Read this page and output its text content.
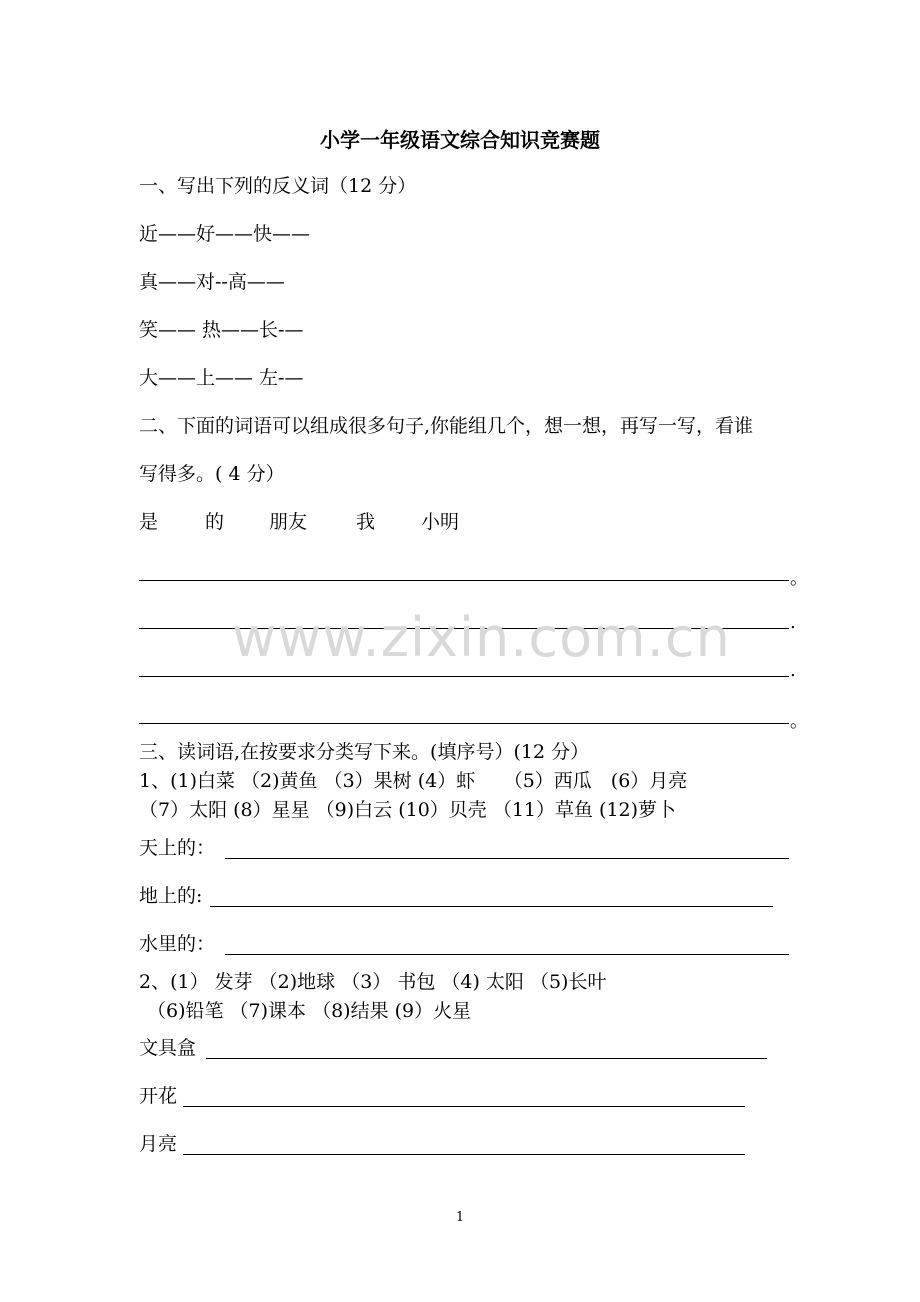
小学一年级语文综合知识竞赛题
一、写出下列的反义词（12 分）
近——好——快——
真——对--高——
笑—— 热——长-—
大——上—— 左-—
二、下面的词语可以组成很多句子,你能组几个，想一想，再写一写，看谁
写得多。( 4 分）
是 的 朋友	我 小明
。
.
.
。
www.zixin.com.cn
三、读词语,在按要求分类写下来。(填序号）(12 分）
1、(1)白菜 （2)黄鱼 （3）果树 (4）虾　　（5）西瓜　(6）月亮
（7）太阳 (8）星星 （9)白云 (10）贝壳 （11）草鱼 (12)萝卜
天上的：
地上的:
水里的：
2、(1） 发芽 （2)地球 （3） 书包 （4) 太阳 （5)长叶
（6)铅笔 （7)课本 （8)结果 (9）火星
文具盒
开花
月亮
1
